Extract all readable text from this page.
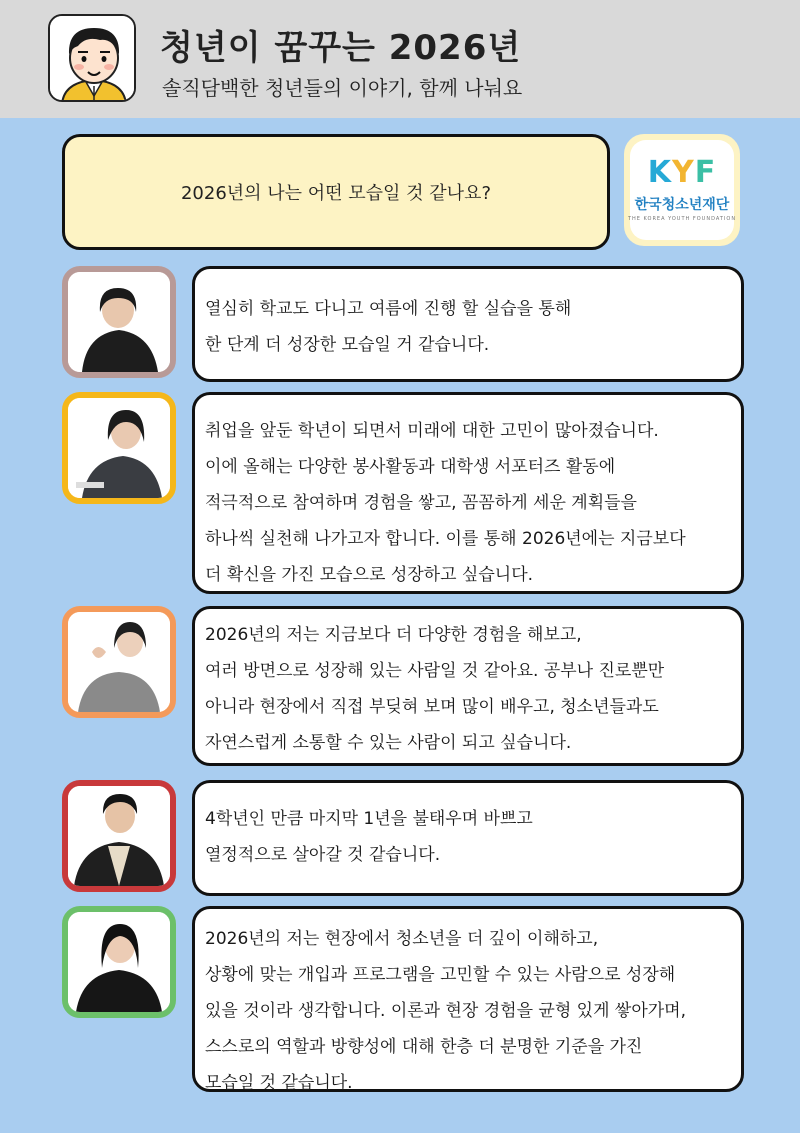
청년이 꿈꾸는 2026년
솔직담백한 청년들의 이야기, 함께 나눠요
2026년의 나는 어떤 모습일 것 같나요?
KYF
한국청소년재단
THE KOREA YOUTH FOUNDATION

열심히 학교도 다니고 여름에 진행 할 실습을 통해

한 단계 더 성장한 모습일 거 같습니다.

취업을 앞둔 학년이 되면서 미래에 대한 고민이 많아졌습니다.

이에 올해는 다양한 봉사활동과 대학생 서포터즈 활동에

적극적으로 참여하며 경험을 쌓고, 꼼꼼하게 세운 계획들을

하나씩 실천해 나가고자 합니다. 이를 통해 2026년에는 지금보다

더 확신을 가진 모습으로 성장하고 싶습니다.

2026년의 저는 지금보다 더 다양한 경험을 해보고,

여러 방면으로 성장해 있는 사람일 것 같아요. 공부나 진로뿐만

아니라 현장에서 직접 부딪혀 보며 많이 배우고, 청소년들과도

자연스럽게 소통할 수 있는 사람이 되고 싶습니다.

4학년인 만큼 마지막 1년을 불태우며 바쁘고

열정적으로 살아갈 것 같습니다.

2026년의 저는 현장에서 청소년을 더 깊이 이해하고,

상황에 맞는 개입과 프로그램을 고민할 수 있는 사람으로 성장해

있을 것이라 생각합니다. 이론과 현장 경험을 균형 있게 쌓아가며,

스스로의 역할과 방향성에 대해 한층 더 분명한 기준을 가진

모습일 것 같습니다.
